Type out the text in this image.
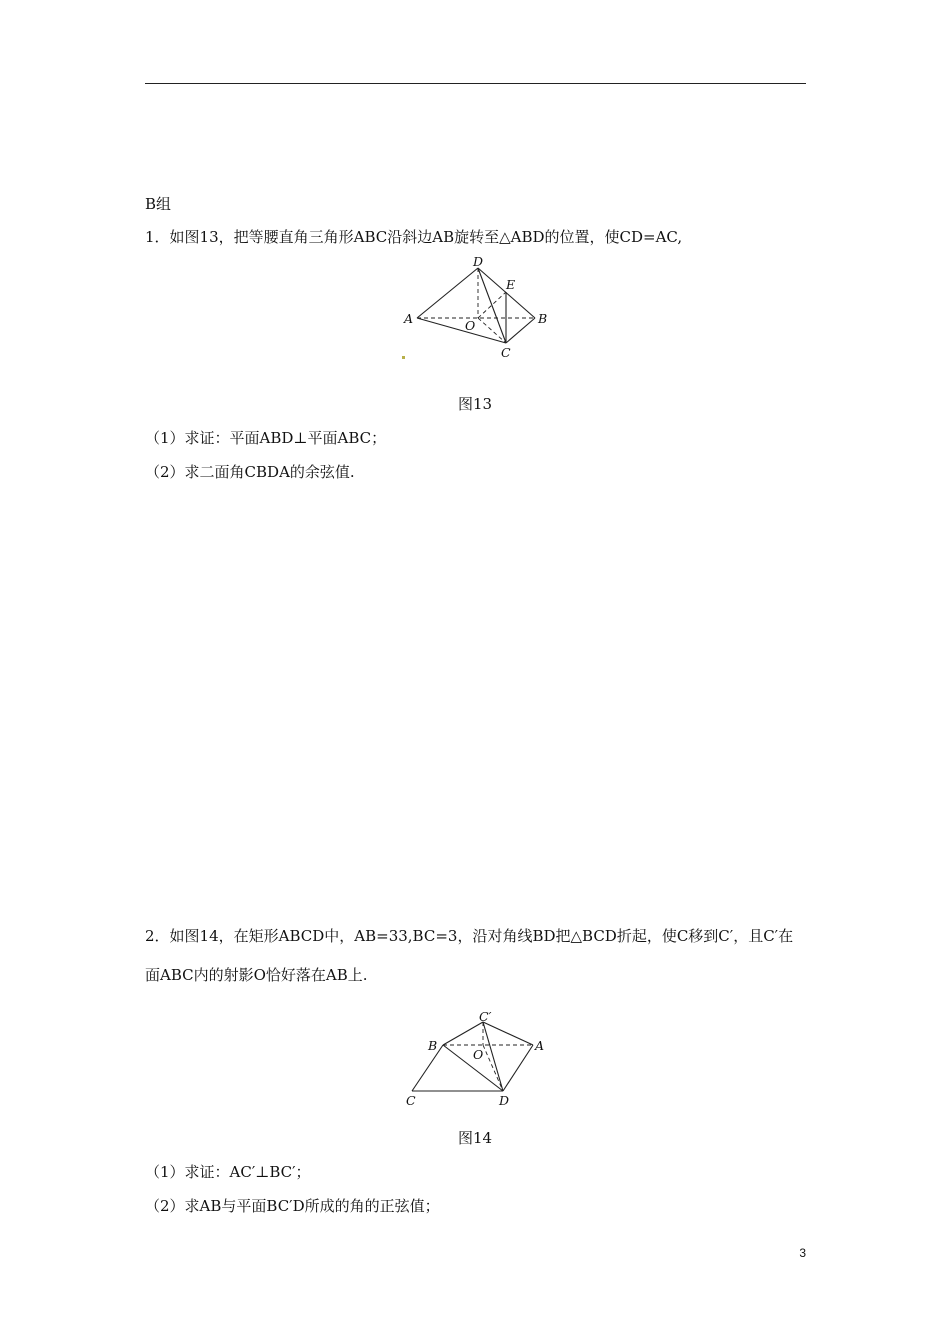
B组
1．如图13，把等腰直角三角形ABC沿斜边AB旋转至△ABD的位置，使CD=AC,
D
E
A	O	B
C
图13
（1）求证：平面ABD⊥平面ABC；
（2）求二面角CBDA的余弦值.
2．如图14，在矩形ABCD中，AB=33,BC=3，沿对角线BD把△BCD折起，使C移到C′，且C′在
面ABC内的射影O恰好落在AB上.
C′
B
O
A
C	D
图14
（1）求证：AC′⊥BC′；
（2）求AB与平面BC′D所成的角的正弦值；
3
